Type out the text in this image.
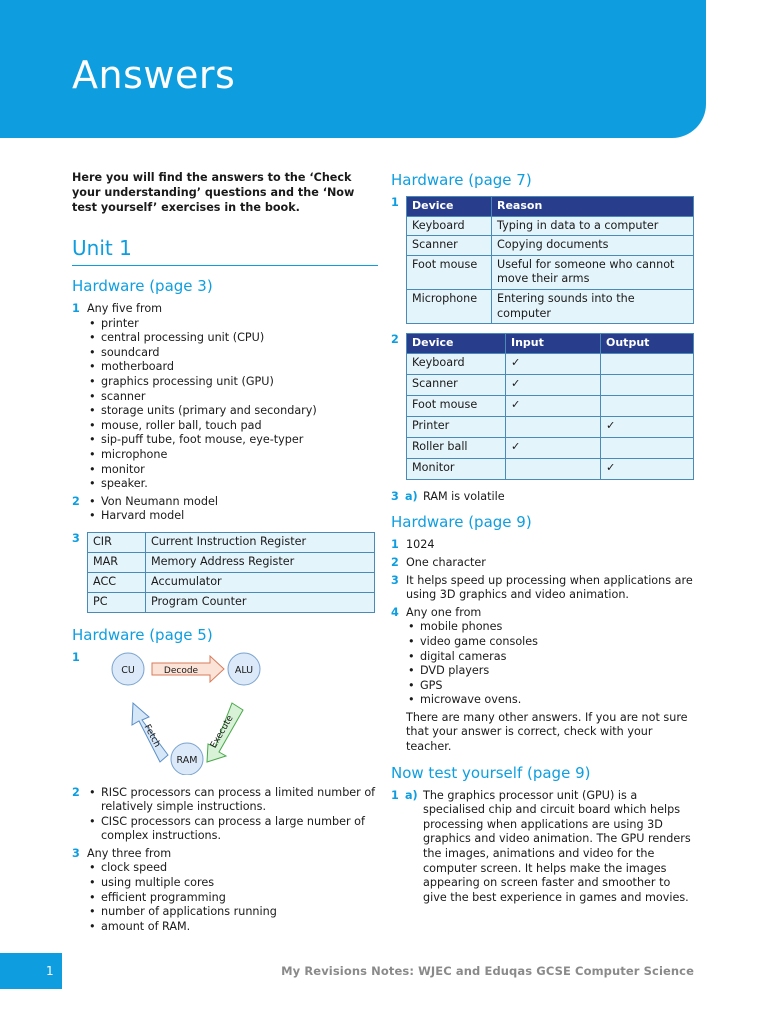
Answers

Here you will find the answers to the ‘Check your understanding’ questions and the ‘Now test yourself’ exercises in the book.

Unit 1
Hardware (page 3)
1 Any five from
• printer
• central processing unit (CPU)
• soundcard
• motherboard
• graphics processing unit (GPU)
• scanner
• storage units (primary and secondary)
• mouse, roller ball, touch pad
• sip-puff tube, foot mouse, eye-typer
• microphone
• monitor
• speaker.
2	• Von Neumann model
• Harvard model
3 CIR	Current Instruction Register
MAR	Memory Address Register
ACC	Accumulator
PC	Program Counter
Hardware (page 5)
1
CU	ALU
RAM
Decode
Execute
Fetch
2	• RISC processors can process a limited number of relatively simple instructions.
• CISC processors can process a large number of complex instructions.
3 Any three from
• clock speed
• using multiple cores
• efficient programming
• number of applications running
• amount of RAM.
Hardware (page 7)
1 Device	Reason
Keyboard	Typing in data to a computer
Scanner	Copying documents
Foot mouse	Useful for someone who cannot move their arms
Microphone	Entering sounds into the computer
2 Device	Input	Output
Keyboard	✓	
Scanner	✓	
Foot mouse	✓	
Printer		✓
Roller ball	✓	
Monitor		✓
3 a) RAM is volatile
Hardware (page 9)
1 1024
2 One character
3 It helps speed up processing when applications are using 3D graphics and video animation.
4 Any one from
• mobile phones
• video game consoles
• digital cameras
• DVD players
• GPS
• microwave ovens.
There are many other answers. If you are not sure that your answer is correct, check with your teacher.
Now test yourself (page 9)
1 a) The graphics processor unit (GPU) is a specialised chip and circuit board which helps processing when applications are using 3D graphics and video animation. The GPU renders the images, animations and video for the computer screen. It helps make the images appearing on screen faster and smoother to give the best experience in games and movies.
1	My Revisions Notes: WJEC and Eduqas GCSE Computer Science
